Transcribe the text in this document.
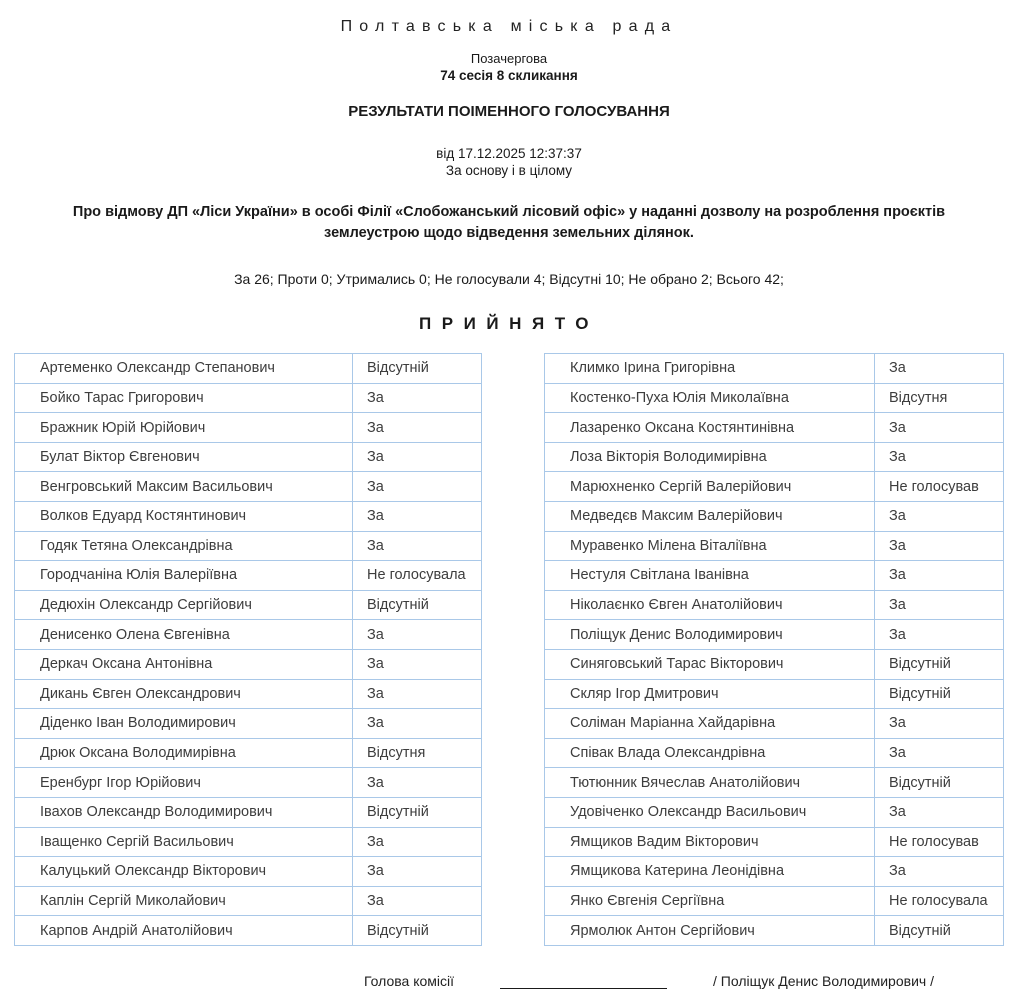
Полтавська міська рада
Позачергова
74 сесія 8 скликання
РЕЗУЛЬТАТИ ПОІМЕННОГО ГОЛОСУВАННЯ
від 17.12.2025 12:37:37
За основу і в цілому
Про відмову ДП «Ліси України» в особі Філії «Слобожанський лісовий офіс» у наданні дозволу на розроблення проєктів землеустрою щодо відведення земельних ділянок.
За 26; Проти 0; Утримались 0; Не голосували 4; Відсутні 10; Не обрано 2; Всього 42;
ПРИЙНЯТО
Артеменко Олександр Степанович	Відсутній
Бойко Тарас Григорович	За
Бражник Юрій Юрійович	За
Булат Віктор Євгенович	За
Венгровський Максим Васильович	За
Волков Едуард Костянтинович	За
Годяк Тетяна Олександрівна	За
Городчаніна Юлія Валеріївна	Не голосувала
Дедюхін Олександр Сергійович	Відсутній
Денисенко Олена Євгенівна	За
Деркач Оксана Антонівна	За
Дикань Євген Олександрович	За
Діденко Іван Володимирович	За
Дрюк Оксана Володимирівна	Відсутня
Еренбург Ігор Юрійович	За
Івахов Олександр Володимирович	Відсутній
Іващенко Сергій Васильович	За
Калуцький Олександр Вікторович	За
Каплін Сергій Миколайович	За
Карпов Андрій Анатолійович	Відсутній
Климко Ірина Григорівна	За
Костенко-Пуха Юлія Миколаївна	Відсутня
Лазаренко Оксана Костянтинівна	За
Лоза Вікторія Володимирівна	За
Марюхненко Сергій Валерійович	Не голосував
Медведєв Максим Валерійович	За
Муравенко Мілена Віталіївна	За
Нестуля Світлана Іванівна	За
Ніколаєнко Євген Анатолійович	За
Поліщук Денис Володимирович	За
Синяговський Тарас Вікторович	Відсутній
Скляр Ігор Дмитрович	Відсутній
Соліман Маріанна Хайдарівна	За
Співак Влада Олександрівна	За
Тютюнник Вячеслав Анатолійович	Відсутній
Удовіченко Олександр Васильович	За
Ямщиков Вадим Вікторович	Не голосував
Ямщикова Катерина Леонідівна	За
Янко Євгенія Сергіївна	Не голосувала
Ярмолюк Антон Сергійович	Відсутній
Голова комісії	/ Поліщук Денис Володимирович /
